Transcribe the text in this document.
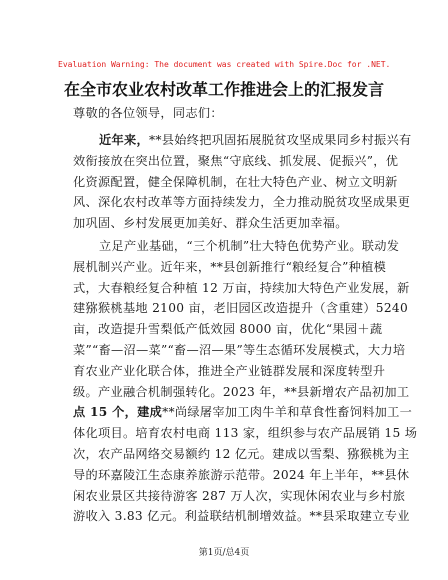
Evaluation Warning: The document was created with Spire.Doc for .NET.
在全市农业农村改革工作推进会上的汇报发言
尊敬的各位领导，同志们：
近年来，**县始终把巩固拓展脱贫攻坚成果同乡村振兴有
效衔接放在突出位置，聚焦“守底线、抓发展、促振兴”，优
化资源配置，健全保障机制，在壮大特色产业、树立文明新
风、深化农村改革等方面持续发力，全力推动脱贫攻坚成果更
加巩固、乡村发展更加美好、群众生活更加幸福。
立足产业基础，“三个机制”壮大特色优势产业。联动发
展机制兴产业。近年来，**县创新推行“粮经复合”种植模
式，大春粮经复合种植 12 万亩，持续加大特色产业发展，新
建猕猴桃基地 2100 亩，老旧园区改造提升（含重建）5240
亩，改造提升雪梨低产低效园 8000 亩，优化“果园＋蔬
菜”“畜—沼—菜”“畜—沼—果”等生态循环发展模式，大力培
育农业产业化联合体，推进全产业链群发展和深度转型升
级。产业融合机制强转化。2023 年，**县新增农产品初加工
点 15 个，建成**尚绿屠宰加工肉牛羊和草食性畜饲料加工一
体化项目。培育农村电商 113 家，组织参与农产品展销 15 场
次，农产品网络交易额约 12 亿元。建成以雪梨、猕猴桃为主
导的环嘉陵江生态康养旅游示范带。2024 年上半年，**县休
闲农业景区共接待游客 287 万人次，实现休闲农业与乡村旅
游收入 3.83 亿元。利益联结机制增效益。**县采取建立专业
第1页/总4页
